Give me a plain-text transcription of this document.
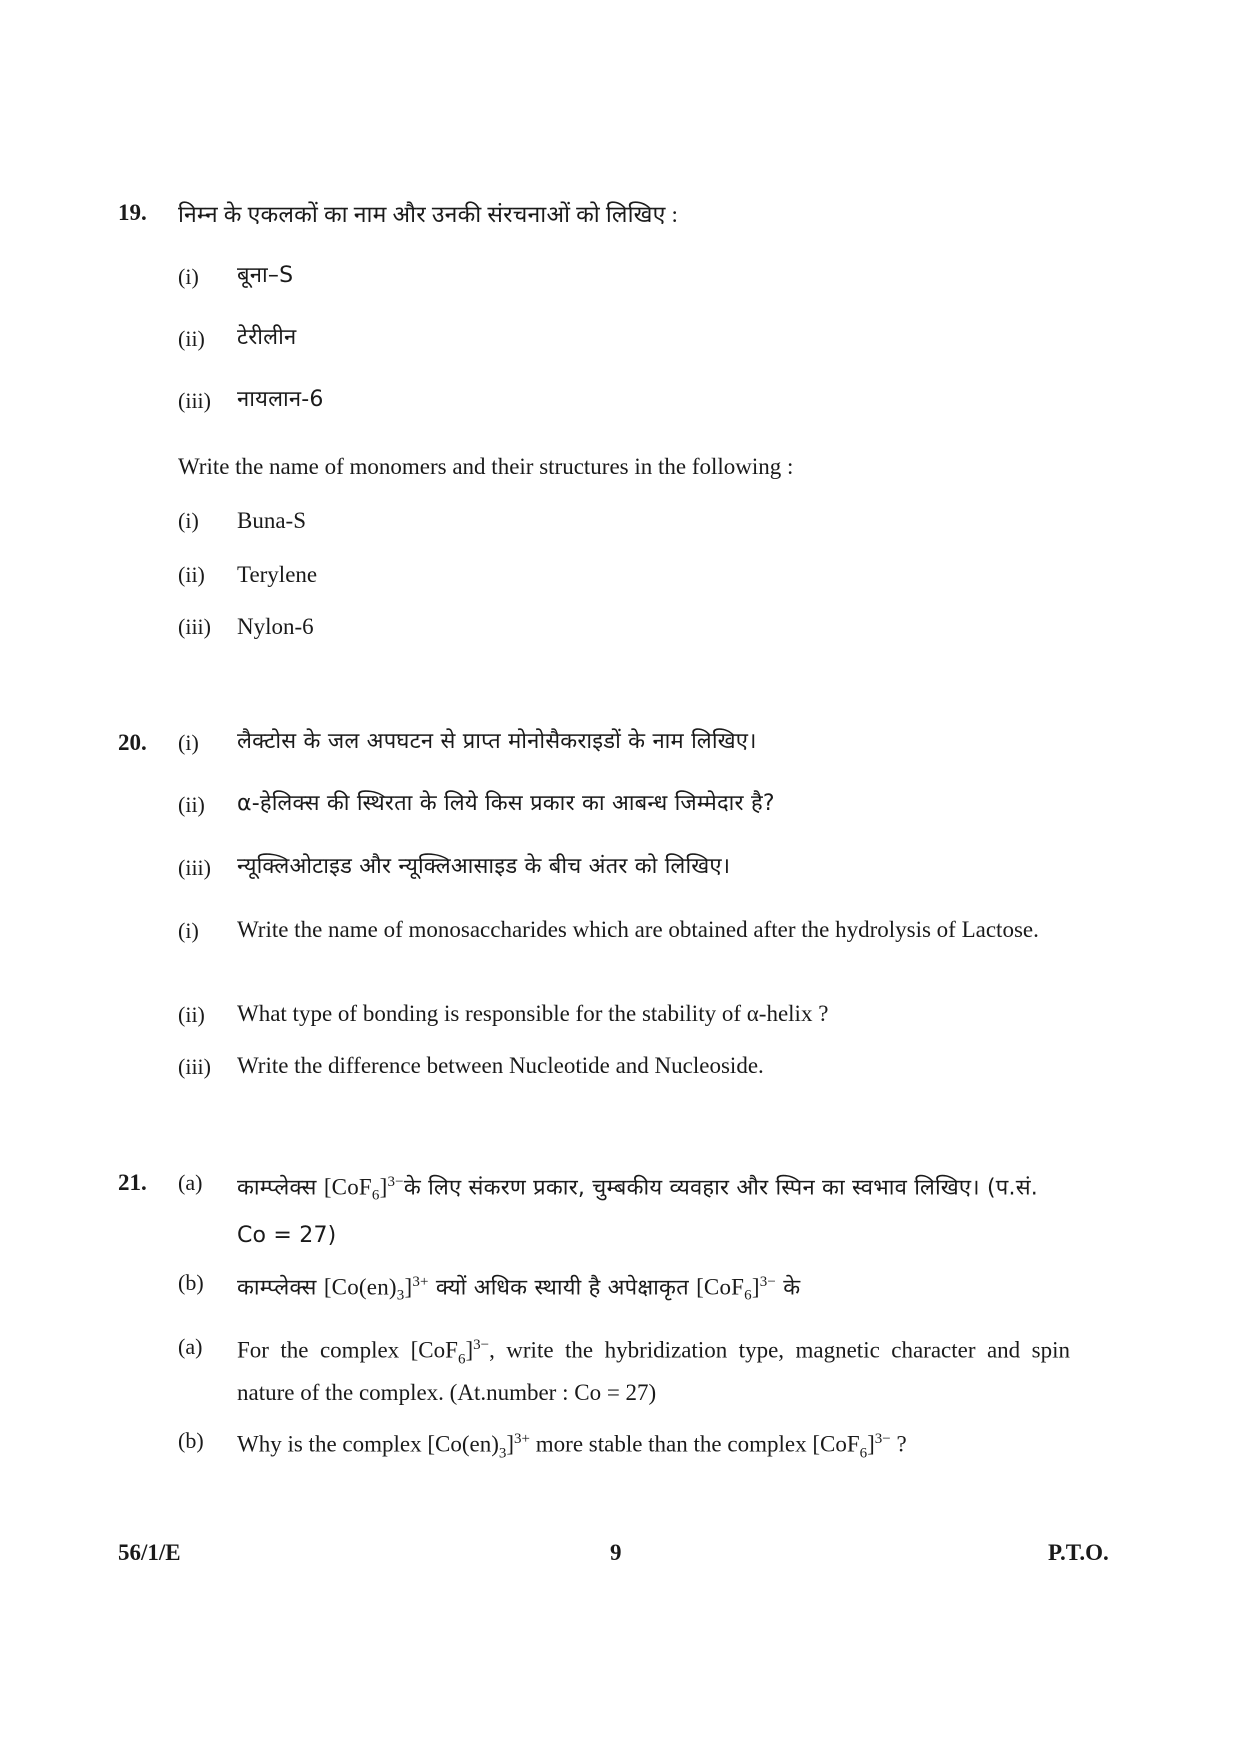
19. निम्न के एकलकों का नाम और उनकी संरचनाओं को लिखिए :
(i) बूना–S
(ii) टेरीलीन
(iii) नायलान-6
Write the name of monomers and their structures in the following :
(i) Buna-S
(ii) Terylene
(iii) Nylon-6
20. (i) लैक्टोस के जल अपघटन से प्राप्त मोनोसैकराइडों के नाम लिखिए।
(ii) α-हेलिक्स की स्थिरता के लिये किस प्रकार का आबन्ध जिम्मेदार है?
(iii) न्यूक्लिओटाइड और न्यूक्लिआसाइड के बीच अंतर को लिखिए।
(i) Write the name of monosaccharides which are obtained after the hydrolysis of Lactose.
(ii) What type of bonding is responsible for the stability of α-helix ?
(iii) Write the difference between Nucleotide and Nucleoside.
21. (a) काम्प्लेक्स $[CoF_6]^{3-}के$ लिए संकरण प्रकार, चुम्बकीय व्यवहार और स्पिन का स्वभाव लिखिए। (प.सं. Co = 27)
(b) काम्प्लेक्स $[Co(en)_3]^{3+}$ क्यों अधिक स्थायी है अपेक्षाकृत $[CoF_6]^{3-}$ के
(a) For the complex $[CoF_6]^{3-}$, write the hybridization type, magnetic character and spin nature of the complex. (At.number : Co = 27)
(b) Why is the complex $[Co(en)_3]^{3+}$ more stable than the complex $[CoF_6]^{3-}$ ?
56/1/E	9	P.T.O.
